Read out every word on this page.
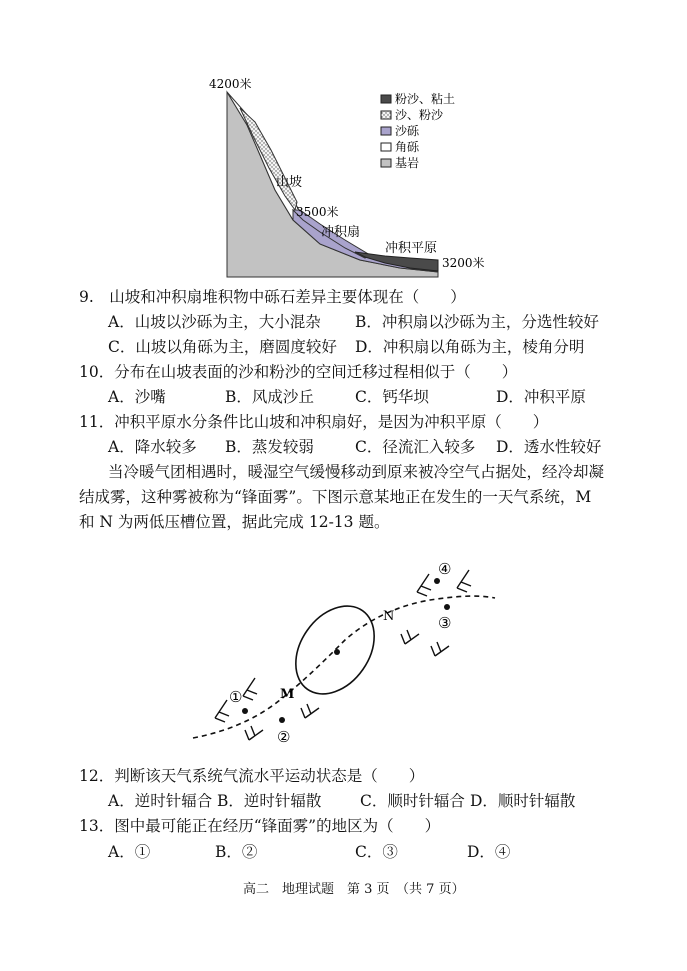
4200米
3500米
3200米
山坡
冲积扇
冲积平原
粉沙、粘土
沙、粉沙
沙砾
角砾
基岩
9.　山坡和冲积扇堆积物中砾石差异主要体现在（　　）
A．山坡以沙砾为主，大小混杂 B．冲积扇以沙砾为主，分选性较好
C．山坡以角砾为主，磨圆度较好 D．冲积扇以角砾为主，棱角分明
10．分布在山坡表面的沙和粉沙的空间迁移过程相似于（　　）
A．沙嘴	B．风成沙丘	C．钙华坝	D．冲积平原
11．冲积平原水分条件比山坡和冲积扇好，是因为冲积平原（　　）
A．降水较多 B．蒸发较弱	C．径流汇入较多 D．透水性较好
当冷暖气团相遇时，暖湿空气缓慢移动到原来被冷空气占据处，经冷却凝
结成雾，这种雾被称为“锋面雾”。下图示意某地正在发生的一天气系统，M
和 N 为两低压槽位置，据此完成 12-13 题。
M
N
①
②
③
④
12．判断该天气系统气流水平运动状态是（　　）
A．逆时针辐合 B．逆时针辐散 C．顺时针辐合 D．顺时针辐散
13．图中最可能正在经历“锋面雾”的地区为（　　）
A．①	B．②	C．③	D．④
高二　地理试题　第 3 页　（共 7 页）
